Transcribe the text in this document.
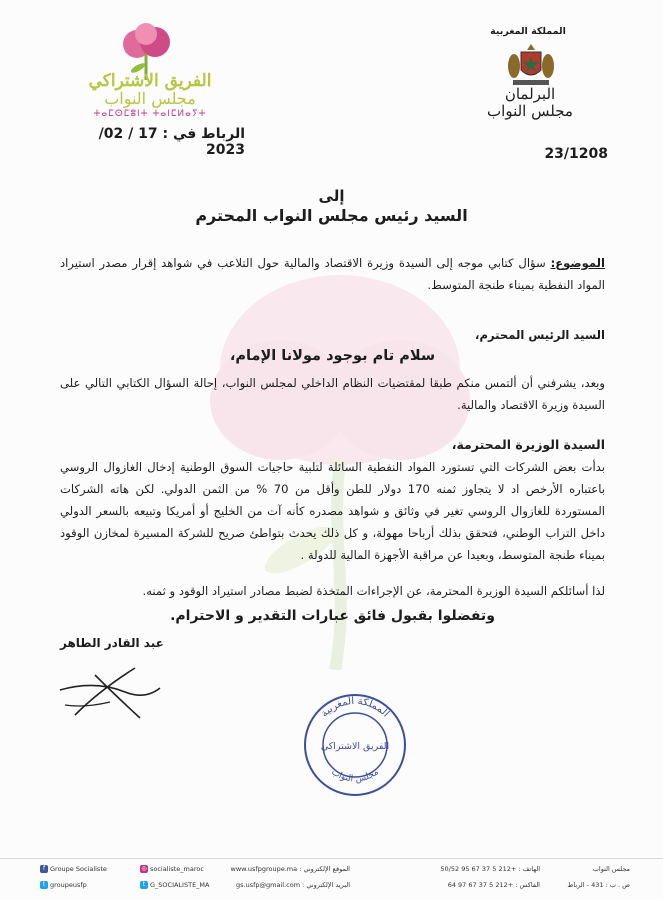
الفريق الاشتراكي
مجلس النواب
ⵜⴰⵎⵙⵎⵓⵏⵜ ⵜⴰⵏⵎⵍⴰⵢⵜ
المملكة المغربية
البرلمان
مجلس النواب
الرباط في : 17 / 02/ 2023	23/1208
إلى
السيد رئيس مجلس النواب المحترم
الموضوع: سؤال كتابي موجه إلى السيدة وزيرة الاقتصاد والمالية حول التلاعب في شواهد إقرار مصدر استيراد المواد النفطية بميناء طنجة المتوسط.
السيد الرئيس المحترم،
سلام تام بوجود مولانا الإمام،
وبعد، يشرفني أن ألتمس منكم طبقا لمقتضيات النظام الداخلي لمجلس النواب، إحالة السؤال الكتابي التالي على السيدة وزيرة الاقتصاد والمالية.
السيدة الوزيرة المحترمة،
بدأت بعض الشركات التي تستورد المواد النفطية السائلة لتلبية حاجيات السوق الوطنية إدخال الغازوال الروسي باعتباره الأرخص اد لا يتجاوز ثمنه 170 دولار للطن وأقل من 70 % من الثمن الدولي. لكن هاته الشركات المستوردة للغازوال الروسي تغير في وثائق و شواهد مصدره كأنه آت من الخليج أو أمريكا وتبيعه بالسعر الدولي داخل التراب الوطني، فتحقق بذلك أرباحا مهولة، و كل ذلك يحدث بتواطئ صريح للشركة المسيرة لمخازن الوقود بميناء طنجة المتوسط، وبعيدا عن مراقبة الأجهزة المالية للدولة .
لذا أسائلكم السيدة الوزيرة المحترمة، عن الإجراءات المتخذة لضبط مصادر استيراد الوقود و ثمنه.
وتفضلوا بقبول فائق عبارات التقدير و الاحترام.
عبد القادر الطاهر
المملكة المغربية
مجلس النواب
الفريق الاشتراكي
f Groupe Socialiste	◎ socialiste_maroc	الموقع الإلكتروني : www.usfpgroupe.ma	الهاتف : +212 5 37 67 95 50/52	مجلس النواب
t groupeusfp	t G_SOCIALISTE_MA	البريد الإلكتروني : gs.usfp@gmail.com	الفاكس : +212 5 37 67 97 64	ص . ب : 431 - الرباط
